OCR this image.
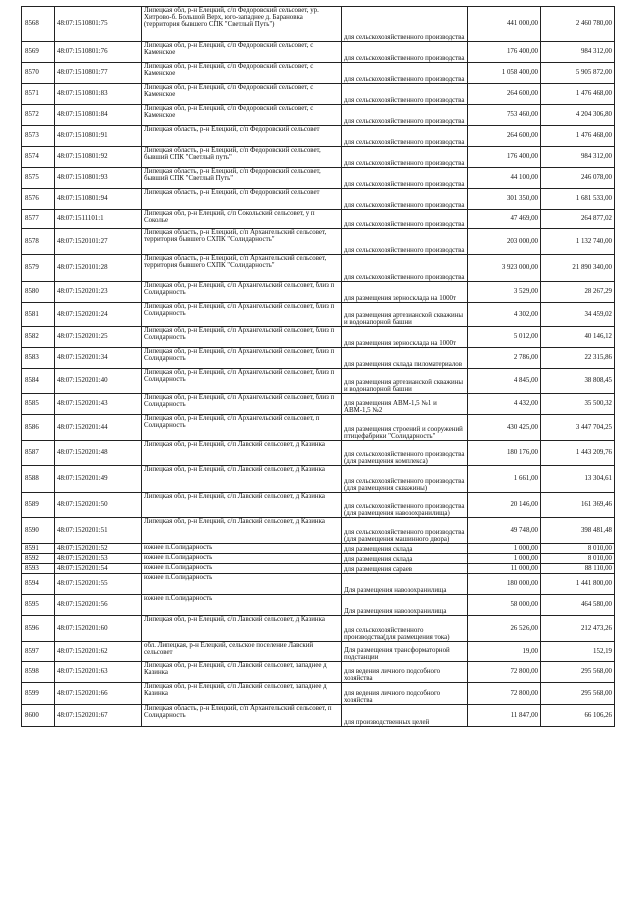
8568	48:07:1510801:75	Липецкая обл, р-н Елецкий, с/п Федоровский сельсовет, ур. Хитрово-б. Большой Верх, юго-западнее д. Барановка (территория бывшего СПК "Светлый Путь")	для сельскохозяйственного производства	441 000,00	2 460 780,00
8569	48:07:1510801:76	Липецкая обл, р-н Елецкий, с/п Федоровский сельсовет, с Каменское	для сельскохозяйственного производства	176 400,00	984 312,00
8570	48:07:1510801:77	Липецкая обл, р-н Елецкий, с/п Федоровский сельсовет, с Каменское	для сельскохозяйственного производства	1 058 400,00	5 905 872,00
8571	48:07:1510801:83	Липецкая обл, р-н Елецкий, с/п Федоровский сельсовет, с Каменское	для сельскохозяйственного производства	264 600,00	1 476 468,00
8572	48:07:1510801:84	Липецкая обл, р-н Елецкий, с/п Федоровский сельсовет, с Каменское	для сельскохозяйственного производства	753 460,00	4 204 306,80
8573	48:07:1510801:91	Липецкая область, р-н Елецкий, с/п Федоровский сельсовет	для сельскохозяйственного производства	264 600,00	1 476 468,00
8574	48:07:1510801:92	Липецкая область, р-н Елецкий, с/п Федоровский сельсовет, бывший СПК "Светлый путь"	для сельскохозяйственного производства	176 400,00	984 312,00
8575	48:07:1510801:93	Липецкая область, р-н Елецкий, с/п Федоровский сельсовет, бывший СПК "Светлый Путь"	для сельскохозяйственного производства	44 100,00	246 078,00
8576	48:07:1510801:94	Липецкая область, р-н Елецкий, с/п Федоровский сельсовет	для сельскохозяйственного производства	301 350,00	1 681 533,00
8577	48:07:1511101:1	Липецкая обл, р-н Елецкий, с/п Сокольский сельсовет, у п Соколье	для сельскохозяйственного производства	47 469,00	264 877,02
8578	48:07:1520101:27	Липецкая область, р-н Елецкий, с/п Архангельский сельсовет, территория бывшего СХПК "Солидарность"	для сельскохозяйственного производства	203 000,00	1 132 740,00
8579	48:07:1520101:28	Липецкая область, р-н Елецкий, с/п Архангельский сельсовет, территория бывшего СХПК "Солидарность"	для сельскохозяйственного производства	3 923 000,00	21 890 340,00
8580	48:07:1520201:23	Липецкая обл, р-н Елецкий, с/п Архангельский сельсовет, близ п Солидарность	для размещения зерносклада на 1000т	3 529,00	28 267,29
8581	48:07:1520201:24	Липецкая обл, р-н Елецкий, с/п Архангельский сельсовет, близ п Солидарность	для размещения артезианской скважины и водонапорной башни	4 302,00	34 459,02
8582	48:07:1520201:25	Липецкая обл, р-н Елецкий, с/п Архангельский сельсовет, близ п Солидарность	для размещения зерносклада на 1000т	5 012,00	40 146,12
8583	48:07:1520201:34	Липецкая обл, р-н Елецкий, с/п Архангельский сельсовет, близ п Солидарность	для размещения склада пиломатериалов	2 786,00	22 315,86
8584	48:07:1520201:40	Липецкая обл, р-н Елецкий, с/п Архангельский сельсовет, близ п Солидарность	для размещения артезианской скважины и водонапорной башни	4 845,00	38 808,45
8585	48:07:1520201:43	Липецкая обл, р-н Елецкий, с/п Архангельский сельсовет, близ п Солидарность	для размещения АВМ-1,5 №1 и АВМ-1,5 №2	4 432,00	35 500,32
8586	48:07:1520201:44	Липецкая обл, р-н Елецкий, с/п Архангельский сельсовет, п Солидарность	для размещения строений и сооружений птицефабрики "Солидарность"	430 425,00	3 447 704,25
8587	48:07:1520201:48	Липецкая обл, р-н Елецкий, с/п Лавский сельсовет, д Казинка	для сельскохозяйственного производства (для размещения комплекса)	180 176,00	1 443 209,76
8588	48:07:1520201:49	Липецкая обл, р-н Елецкий, с/п Лавский сельсовет, д Казинка	для сельскохозяйственного производства (для размещения скважины)	1 661,00	13 304,61
8589	48:07:1520201:50	Липецкая обл, р-н Елецкий, с/п Лавский сельсовет, д Казинка	для сельскохозяйственного производства (для размещения навозохранилища)	20 146,00	161 369,46
8590	48:07:1520201:51	Липецкая обл, р-н Елецкий, с/п Лавский сельсовет, д Казинка	для сельскохозяйственного производства (для размещения машинного двора)	49 748,00	398 481,48
8591	48:07:1520201:52	южнее п.Солидарность	для размещения склада	1 000,00	8 010,00
8592	48:07:1520201:53	южнее п.Солидарность	для размещения склада	1 000,00	8 010,00
8593	48:07:1520201:54	южнее п.Солидарность	для размещения сараев	11 000,00	88 110,00
8594	48:07:1520201:55	южнее п.Солидарность	Для размещения навозохранилища	180 000,00	1 441 800,00
8595	48:07:1520201:56	южнее п.Солидарность	Для размещения навозохранилища	58 000,00	464 580,00
8596	48:07:1520201:60	Липецкая обл, р-н Елецкий, с/п Лавский сельсовет, д Казинка	для сельскохозяйственного производства(для размещения тока)	26 526,00	212 473,26
8597	48:07:1520201:62	обл. Липецкая, р-н Елецкий, сельское поселение Лавский сельсовет	Для размещения трансформаторной подстанции	19,00	152,19
8598	48:07:1520201:63	Липецкая обл, р-н Елецкий, с/п Лавский сельсовет, западнее д Казинка	для ведения личного подсобного хозяйства	72 800,00	295 568,00
8599	48:07:1520201:66	Липецкая обл, р-н Елецкий, с/п Лавский сельсовет, западнее д Казинка	для ведения личного подсобного хозяйства	72 800,00	295 568,00
8600	48:07:1520201:67	Липецкая область, р-н Елецкий, с/п Архангельский сельсовет, п Солидарность	для производственных целей	11 847,00	66 106,26
